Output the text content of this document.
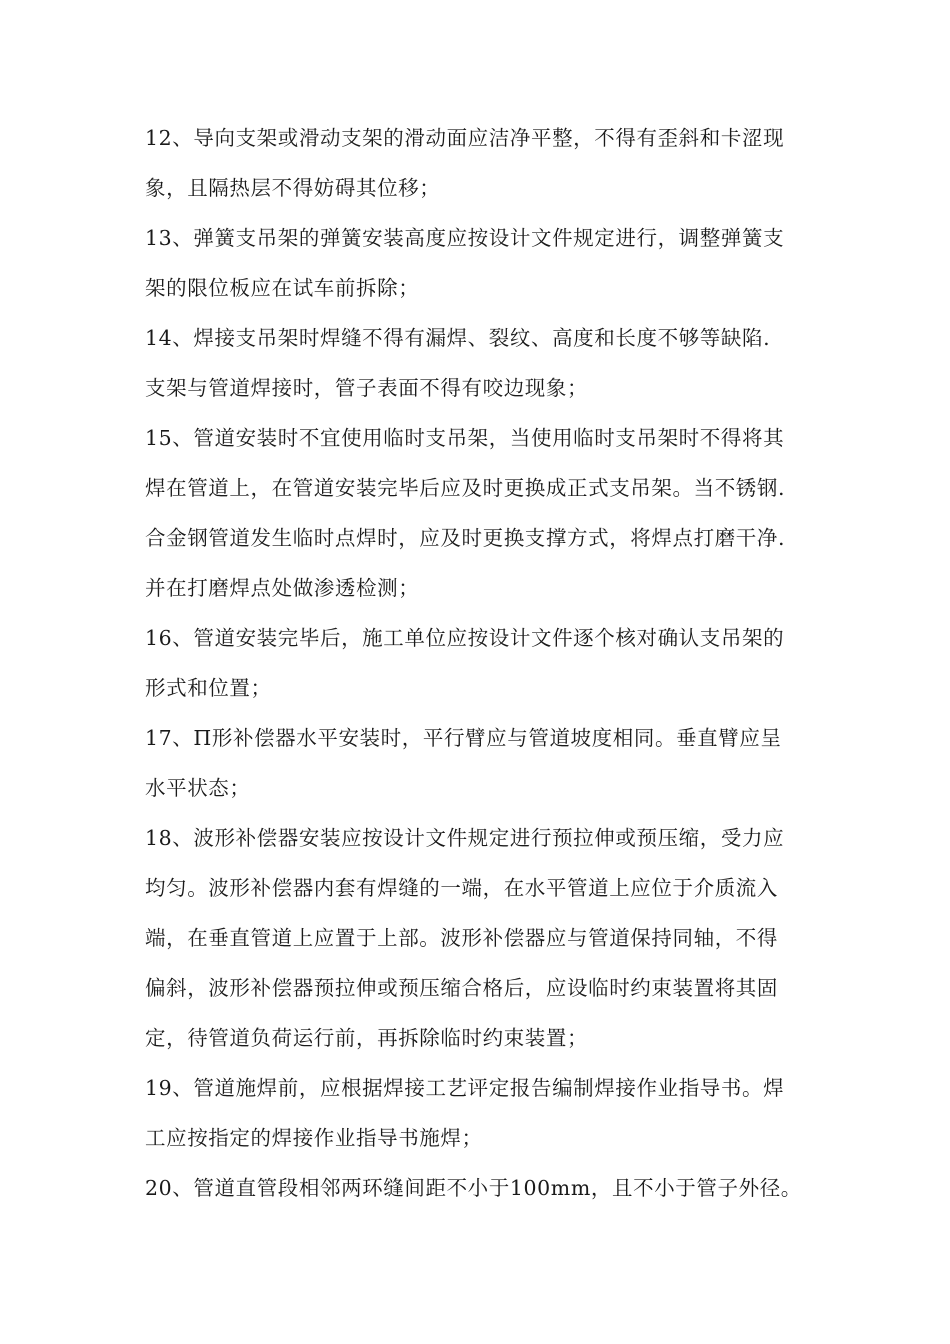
12、导向支架或滑动支架的滑动面应洁净平整，不得有歪斜和卡涩现
象，且隔热层不得妨碍其位移；
13、弹簧支吊架的弹簧安装高度应按设计文件规定进行，调整弹簧支
架的限位板应在试车前拆除；
14、焊接支吊架时焊缝不得有漏焊、裂纹、高度和长度不够等缺陷.
支架与管道焊接时，管子表面不得有咬边现象；
15、管道安装时不宜使用临时支吊架，当使用临时支吊架时不得将其
焊在管道上，在管道安装完毕后应及时更换成正式支吊架。当不锈钢.
合金钢管道发生临时点焊时，应及时更换支撑方式，将焊点打磨干净.
并在打磨焊点处做渗透检测；
16、管道安装完毕后，施工单位应按设计文件逐个核对确认支吊架的
形式和位置；
17、Π形补偿器水平安装时，平行臂应与管道坡度相同。垂直臂应呈
水平状态；
18、波形补偿器安装应按设计文件规定进行预拉伸或预压缩，受力应
均匀。波形补偿器内套有焊缝的一端，在水平管道上应位于介质流入
端，在垂直管道上应置于上部。波形补偿器应与管道保持同轴，不得
偏斜，波形补偿器预拉伸或预压缩合格后，应设临时约束装置将其固
定，待管道负荷运行前，再拆除临时约束装置；
19、管道施焊前，应根据焊接工艺评定报告编制焊接作业指导书。焊
工应按指定的焊接作业指导书施焊；
20、管道直管段相邻两环缝间距不小于100mm，且不小于管子外径。
